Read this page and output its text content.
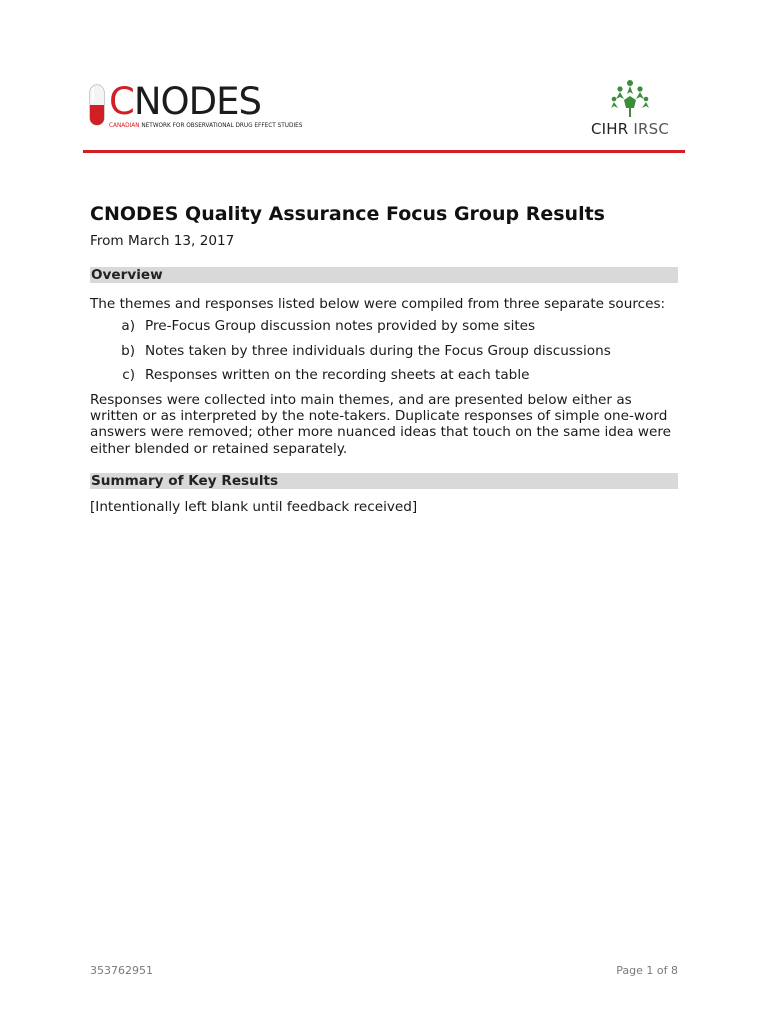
CNODES
CANADIAN NETWORK FOR OBSERVATIONAL DRUG EFFECT STUDIES	CIHR IRSC
CNODES Quality Assurance Focus Group Results

From March 13, 2017

Overview

The themes and responses listed below were compiled from three separate sources:

a) Pre-Focus Group discussion notes provided by some sites
b) Notes taken by three individuals during the Focus Group discussions
c) Responses written on the recording sheets at each table

Responses were collected into main themes, and are presented below either as written or as interpreted by the note-takers. Duplicate responses of simple one-word answers were removed; other more nuanced ideas that touch on the same idea were either blended or retained separately.

Summary of Key Results

[Intentionally left blank until feedback received]

353762951	Page 1 of 8
